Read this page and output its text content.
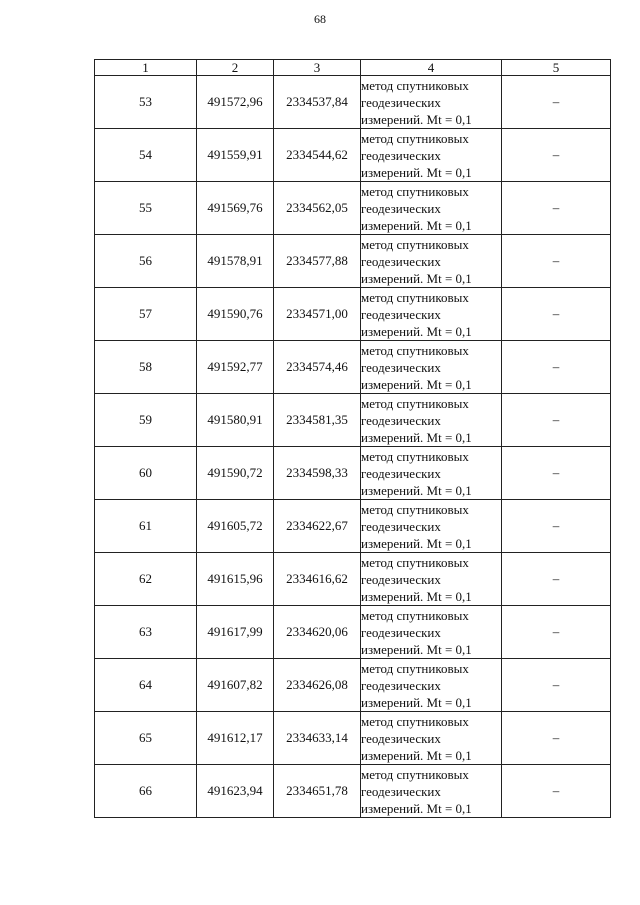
68
1	2	3	4	5
53	491572,96	2334537,84	метод спутниковых
геодезических
измерений. Mt = 0,1	–
54	491559,91	2334544,62	метод спутниковых
геодезических
измерений. Mt = 0,1	–
55	491569,76	2334562,05	метод спутниковых
геодезических
измерений. Mt = 0,1	–
56	491578,91	2334577,88	метод спутниковых
геодезических
измерений. Mt = 0,1	–
57	491590,76	2334571,00	метод спутниковых
геодезических
измерений. Mt = 0,1	–
58	491592,77	2334574,46	метод спутниковых
геодезических
измерений. Mt = 0,1	–
59	491580,91	2334581,35	метод спутниковых
геодезических
измерений. Mt = 0,1	–
60	491590,72	2334598,33	метод спутниковых
геодезических
измерений. Mt = 0,1	–
61	491605,72	2334622,67	метод спутниковых
геодезических
измерений. Mt = 0,1	–
62	491615,96	2334616,62	метод спутниковых
геодезических
измерений. Mt = 0,1	–
63	491617,99	2334620,06	метод спутниковых
геодезических
измерений. Mt = 0,1	–
64	491607,82	2334626,08	метод спутниковых
геодезических
измерений. Mt = 0,1	–
65	491612,17	2334633,14	метод спутниковых
геодезических
измерений. Mt = 0,1	–
66	491623,94	2334651,78	метод спутниковых
геодезических
измерений. Mt = 0,1	–
